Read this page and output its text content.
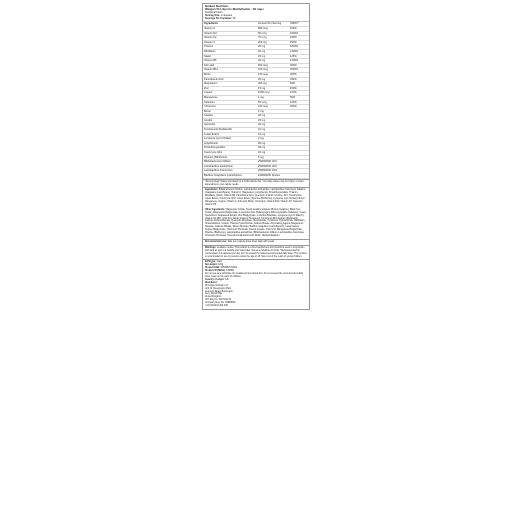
Bulked Nutrition
Weigan Pro Sports Multivitamin - 90 caps
Nutritional Facts
Serving Size: 1 capsules
Servings Per Container: 90
Ingredients	Amount Per Serving	%NRV*
Vitamin A	800 mcg	100%
Vitamin D3	50 mcg	1000%
Vitamin K2	75 mcg	100%
Vitamin C	200 mg	250%
Thiamin	20 mg	1818%
Riboflavin	20 mg	1429%
Niacin	20 mg	125%
Vitamin B6	20 mg	1429%
folic acid	600 mcg	300%
Vitamin B12	100 mcg	4000%
Biotin	150 mcg	300%
Pantothenic Acid	20 mg	333%
Magnesium	200 mg	53%
Zinc	15 mg	150%
Copper	1000 mcg	100%
Manganese	1 mg	50%
Selenium	55 mcg	100%
Chromium	100 mcg	250%
Boron	2 mg	
Choline	20 mg	
Inositol	20 mg	
Quercetin	20 mg	
Tocotrienols (DeltaGold)	10 mg	
Lutein Esters	10 mg	
Lycopene (Lyc-O-Mato)	3 mg	
polyphenols	90 mg	
Proanthocyanidins	90 mg	
Coenzyme Q10	10 mg	
Piperine (BioPerine)	5 mg	
Bifidobacterium bifidum	250000000 CFU	
Lactobacillus acidophilus	250000000 CFU	
Lactobacillus rhamnosus	250000000 CFU	
Bacillus Coagulans (LactoSpore)	100000000 Spores	
*Percent Daily Values are based on a 2,000 calorie diet. Your daily values may be higher or lower depending on your calorie needs.
Ingredients: Bifidobacterium bifidum, Lactobacillus acidophilus, Lactobacillus rhamnosus, Bacillus Coagulans (LactoSpore), Vitamin C, Magnesium, polyphenols, Proanthocyanidins, Thiamin, Riboflavin, Niacin, Vitamin B6, Pantothenic Acid, Quercetin, Inositol, Choline, Zinc, Tocotrienols, Lutein Esters, Coenzyme Q10, Lutein Esters, Piperine (BioPerine), Lycopene (Lyc-O-Mato), Boron, Manganese, Copper, Vitamin A, folic acid, Biotin, Chromium, Vitamin B12, Vitamin K2, Selenium, Vitamin D3
Other Ingredients: Magnesium Citrate, Fresh Gelatine Capsule (Bovine Gelatine), Black Iron Oxide), Magnesium Bisglycinate, L-Ascorbic Acid, Bulking Agent (Microcrystalline Cellulose), Green Tea Extract, Grapeseed Extract, Zinc Bisglycinate, L-Choline Bitartrate, Lycopene (Lyc-O-Mato®), Vitamin K2 MK7 (Vital K2), Deltal, Calcium Tocotrienol, Tocotrienol-Rich Extract (DeltaGold), Calcium D-Pantothenate, Quercetin Dihydrate, Nicotinamide, Pyridoxine Hydrochloride, Riboflavin, Cholecalciferol, Inositol, Thiamin Hydrochloride, Sodium Borate, Anti-Caking Agents (Magnesium Stearate, Calcium Silicate, Silicon Dioxide), Bacillus coagulans (LactoSpore®), Lutein Esters, Copper Bisglycinate, Chromium Picolinate, Retinyl Acetate, Folic Acid, Manganese Bisglycinate, Piperine (BioPerine), Lactobacillus acidophilus, Bifidobacterium bifidum, Lactobacillus rhamnosus, Chromium Picolinate, Pteroylmonoglutamic Acid, Biotin, Methylcobalamin.
Recommended use: Take one capsule three times daily with meals.
Warnings: Guidance notice: This product is a food supplement and should be used in conjunction with food as part of a healthy and varied diet. Not as a substitute for food. *Recommended for consumption 1-2 capsules per day. Do not exceed the stated recommended daily dose. This product is not intended for use by persons under the age of 18. Store out of the reach of young children.
EAN type: Caps
Net weight: 126g
Product EAN: 5055587672621
Product ID (SHEJ): F32850
Do not use as a substitute for a balanced and varied diet. Do not exceed the recommended daily dose. Keep out of reach of children.
Country of origin: GB
Distributor:
Prosupps Nutrition Ltd
Unit 11 Chessington Park
Common Road, Bunningon,
Kent, DG16 5SE
United Kingdom
VAT Reg No. 346 5412 41
Company Reg. No. 09908822
+44 (0)01234 400 338
